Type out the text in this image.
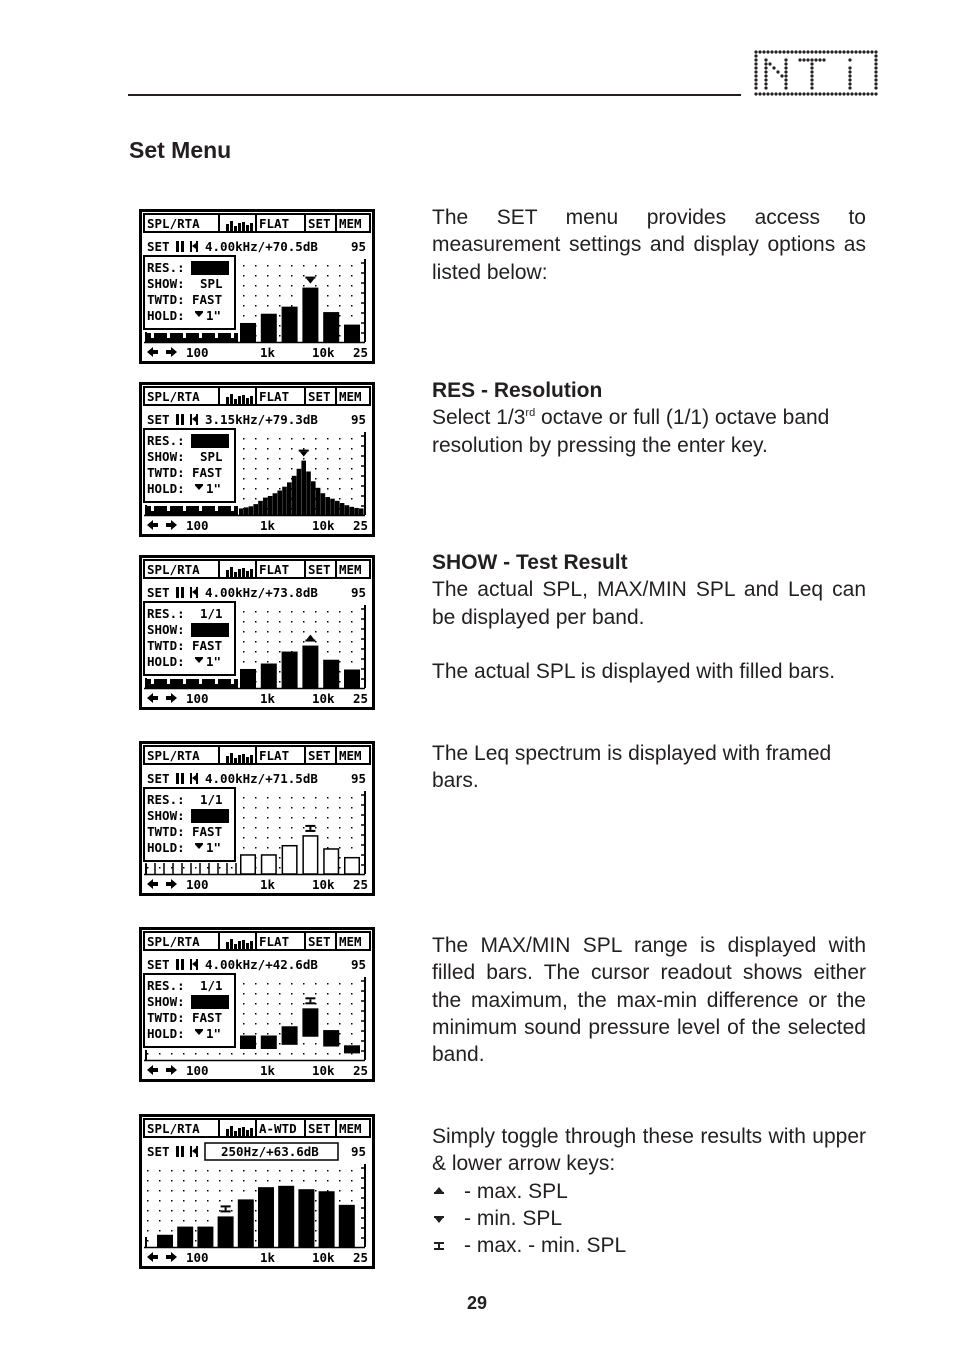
Set Menu
SPL/RTA	FLAT SET MEM
SET	4.00kHz/+70.5dB	95
RES.: 1/1
SHOW: SPL
TWTD: FAST
HOLD: 1"
100	1k	10k 25
SPL/RTA	FLAT SET MEM
SET	3.15kHz/+79.3dB	95
RES.: 1/3
SHOW: SPL
TWTD: FAST
HOLD: 1"
100	1k	10k 25
SPL/RTA	FLAT SET MEM
SET	4.00kHz/+73.8dB	95
RES.: 1/1
SHOW: SPL
TWTD: FAST
HOLD: 1"
100	1k	10k 25
SPL/RTA	FLAT SET MEM
SET	4.00kHz/+71.5dB	95
RES.: 1/1
SHOW: LEQ
TWTD: FAST
HOLD: 1"
100	1k	10k 25
SPL/RTA	FLAT SET MEM
SET	4.00kHz/+42.6dB	95
RES.: 1/1
SHOW: +-
TWTD: FAST
HOLD: 1"
100	1k	10k 25
SPL/RTA	A-WTD SET MEM
SET	250Hz/+63.6dB	95
100	1k	10k 25

The SET menu provides access to measurement settings and display options as listed below:

RES - Resolution

Select 1/3rd octave or full (1/1) octave band resolution by pressing the enter key.

SHOW - Test Result

The actual SPL, MAX/MIN SPL and Leq can be displayed per band.

The actual SPL is displayed with filled bars.

The Leq spectrum is displayed with framed bars.

The MAX/MIN SPL range is displayed with filled bars. The cursor readout shows either the maximum, the max-min difference or the minimum sound pressure level of the selected band.

Simply toggle through these results with upper & lower arrow keys:

- max. SPL
- min. SPL
- max. - min. SPL
29
